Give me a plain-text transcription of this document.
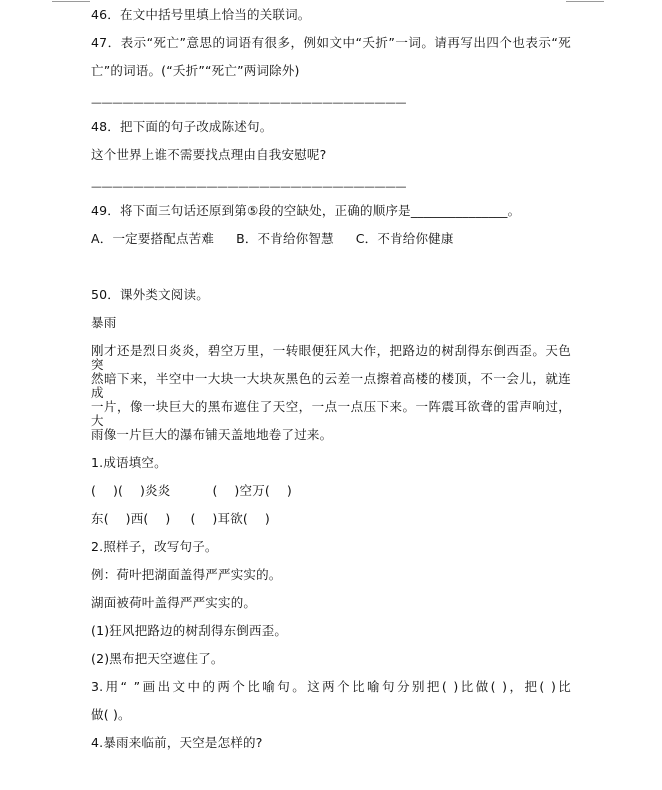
46．在文中括号里填上恰当的关联词。
47．表示“死亡”意思的词语有很多，例如文中“夭折”一词。请再写出四个也表示“死
亡”的词语。(“夭折”“死亡”两词除外)
——————————————————————————————
48．把下面的句子改成陈述句。
这个世界上谁不需要找点理由自我安慰呢?
——————————————————————————————
49．将下面三句话还原到第⑤段的空缺处，正确的顺序是_______________。
A．一定要搭配点苦难 B．不肯给你智慧 C．不肯给你健康
50．课外类文阅读。
暴雨
刚才还是烈日炎炎，碧空万里，一转眼便狂风大作，把路边的树刮得东倒西歪。天色突
然暗下来，半空中一大块一大块灰黑色的云差一点擦着高楼的楼顶，不一会儿，就连成
一片，像一块巨大的黑布遮住了天空，一点一点压下来。一阵震耳欲聋的雷声响过，大
雨像一片巨大的瀑布铺天盖地地卷了过来。
1.成语填空。
(　 )(　 )炎炎	(　 )空万(　 )
东(　 )西(　 ) (　 )耳欲(　 )
2.照样子，改写句子。
例：荷叶把湖面盖得严严实实的。
湖面被荷叶盖得严严实实的。
(1)狂风把路边的树刮得东倒西歪。
(2)黑布把天空遮住了。
3.用“ ”画出文中的两个比喻句。这两个比喻句分别把( )比做( )，把( )比
做( )。
4.暴雨来临前，天空是怎样的?
